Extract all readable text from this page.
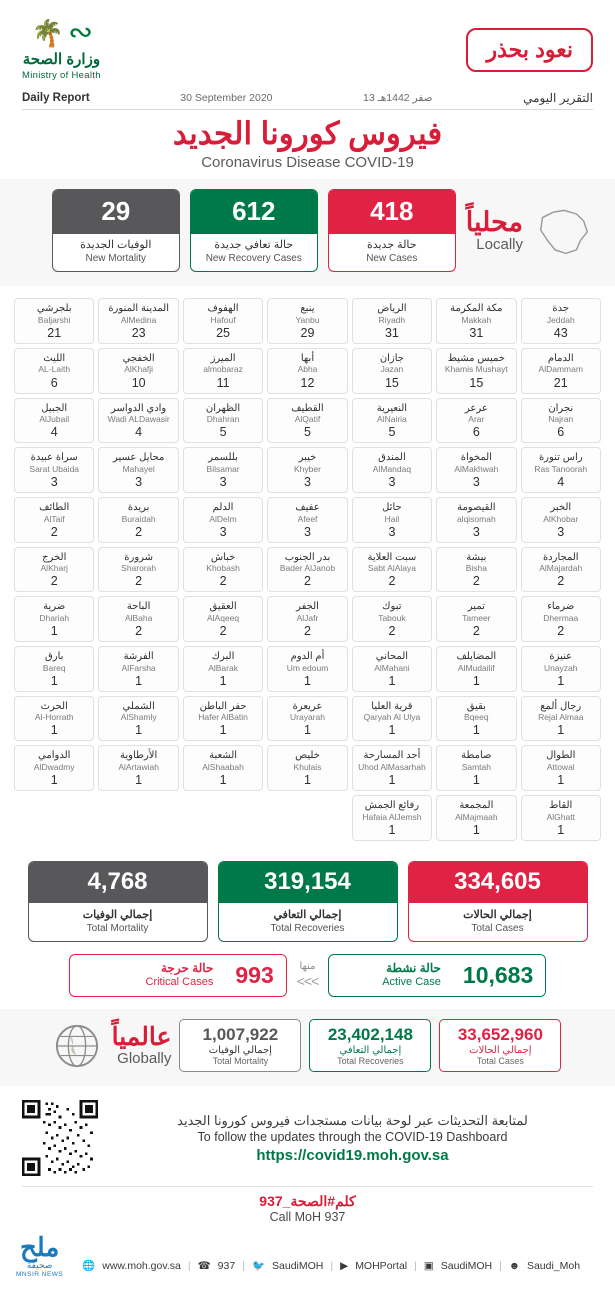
🌴 ∾
وزارة الصحة
Ministry of Health
نعود بحذر
Daily Report	30 September 2020	13 صفر 1442هـ	التقرير اليومي
فيروس كورونا الجديد
Coronavirus Disease COVID-19
29
الوفيات الجديدة
New Mortality
612
حالة تعافي جديدة
New Recovery Cases
418
حالة جديدة
New Cases
محلياً
Locally
جدة
Jeddah
43
الدمام
AlDammam
21
نجران
Najran
6
راس تنورة
Ras Tanoorah
4
الخبر
AlKhobar
3
المجاردة
AlMajardah
2
ضرماء
Dhermaa
2
عنيزة
Unayzah
1
رجال ألمع
Rejal Almaa
1
الطوال
Attowal
1
القاط
AlGhatt
1
مكة المكرمة
Makkah
31
خميس مشيط
Khamis Mushayt
15
عرعر
Arar
6
المخواة
AlMakhwah
3
القيصومة
alqisomah
3
بيشة
Bisha
2
تمير
Tameer
2
المضايلف
AlMudailif
1
بقيق
Bqeeq
1
صامطة
Samtah
1
المجمعة
AlMajmaah
1
الرياض
Riyadh
31
جازان
Jazan
15
النعيرية
AlNairia
5
المندق
AlMandaq
3
حائل
Hail
3
سبت العلاية
Sabt AlAlaya
2
تبوك
Tabouk
2
المحاني
AlMahani
1
قرية العليا
Qaryah Al Ulya
1
أحد المسارحة
Uhod AlMasarhah
1
رفائع الجمش
Hafaia AlJemsh
1
ينبع
Yanbu
29
أبها
Abha
12
القطيف
AlQatif
5
خيبر
Khyber
3
عفيف
Afeef
3
بدر الجنوب
Bader AlJanob
2
الجفر
AlJafr
2
أم الدوم
Um edoum
1
عريعرة
Urayarah
1
خليص
Khulais
1
الهفوف
Hafouf
25
الميرز
almobaraz
11
الظهران
Dhahran
5
بللسمر
Bilsamar
3
الدلم
AlDelm
3
خباش
Khobash
2
العقيق
AlAqeeq
2
البرك
AlBarak
1
حفر الباطن
Hafer AlBatin
1
الشعبة
AlShaabah
1
المدينة المنورة
AlMedina
23
الخفجي
AlKhafji
10
وادي الدواسر
Wadi ALDawasir
4
محايل عسير
Mahayel
3
بريدة
Buraidah
2
شرورة
Sharorah
2
الباحة
AlBaha
2
الفرشة
AlFarsha
1
الشملي
AlShamly
1
الأرطاوية
AlArtawiah
1
بلجرشي
Baljarshi
21
الليث
AL-Laith
6
الجبيل
AlJubail
4
سراة عبيدة
Sarat Ubaida
3
الطائف
AlTaif
2
الخرج
AlKharj
2
ضرية
Dhariah
1
بارق
Bareq
1
الحرث
Al-Horrath
1
الدوامي
AlDwadmy
1
334,605
إجمالي الحالات
Total Cases
319,154
إجمالي التعافي
Total Recoveries
4,768
إجمالي الوفيات
Total Mortality
10,683
حالة نشطة
Active Case
منها
<<<
993
حالة حرجة
Critical Cases
33,652,960
إجمالي الحالات
Total Cases
23,402,148
إجمالي التعافي
Total Recoveries
1,007,922
إجمالي الوفيات
Total Mortality
عالمياً
Globally
لمتابعة التحديثات عبر لوحة بيانات مستجدات فيروس كورونا الجديد
To follow the updates through the COVID-19 Dashboard
https://covid19.moh.gov.sa
كلم#الصحة_937
Call MoH 937
ملح
صحيفة
MNSIR NEWS
🌐 www.moh.gov.sa | ☎ 937 | 🐦 SaudiMOH | ▶ MOHPortal | ▣ SaudiMOH | ☻ Saudi_Moh
